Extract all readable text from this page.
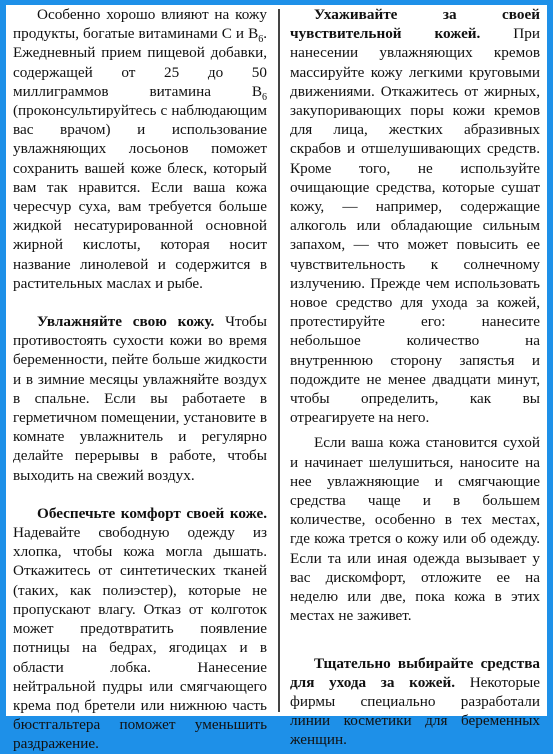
Особенно хорошо влияют на кожу продукты, богатые витаминами С и $В_6$. Ежедневный прием пищевой добавки, содержащей от 25 до 50 миллиграммов витамина $В_6$ (проконсультируйтесь с наблюдающим вас врачом) и использование увлажняющих лосьонов поможет сохранить вашей коже блеск, который вам так нравится. Если ваша кожа чересчур суха, вам требуется больше жидкой несатурированной основной жирной кислоты, которая носит название линолевой и содержится в растительных маслах и рыбе.

Увлажняйте свою кожу. Чтобы противостоять сухости кожи во время беременности, пейте больше жидкости и в зимние месяцы увлажняйте воздух в спальне. Если вы работаете в герметичном помещении, установите в комнате увлажнитель и регулярно делайте перерывы в работе, чтобы выходить на свежий воздух.

Обеспечьте комфорт своей коже. Надевайте свободную одежду из хлопка, чтобы кожа могла дышать. Откажитесь от синтетических тканей (таких, как полиэстер), которые не пропускают влагу. Отказ от колготок может предотвратить появление потницы на бедрах, ягодицах и в области лобка. Нанесение нейтральной пудры или смягчающего крема под бретели или нижнюю часть бюстгальтера поможет уменьшить раздражение.

Ухаживайте за своей чувствительной кожей. При нанесении увлажняющих кремов массируйте кожу легкими круговыми движениями. Откажитесь от жирных, закупоривающих поры кожи кремов для лица, жестких абразивных скрабов и отшелушивающих средств. Кроме того, не используйте очищающие средства, которые сушат кожу, — например, содержащие алкоголь или обладающие сильным запахом, — что может повысить ее чувствительность к солнечному излучению. Прежде чем использовать новое средство для ухода за кожей, протестируйте его: нанесите небольшое количество на внутреннюю сторону запястья и подождите не менее двадцати минут, чтобы определить, как вы отреагируете на него.

Если ваша кожа становится сухой и начинает шелушиться, наносите на нее увлажняющие и смягчающие средства чаще и в большем количестве, особенно в тех местах, где кожа трется о кожу или об одежду. Если та или иная одежда вызывает у вас дискомфорт, отложите ее на неделю или две, пока кожа в этих местах не заживет.

Тщательно выбирайте средства для ухода за кожей. Некоторые фирмы специально разработали линии косметики для беременных женщин.
